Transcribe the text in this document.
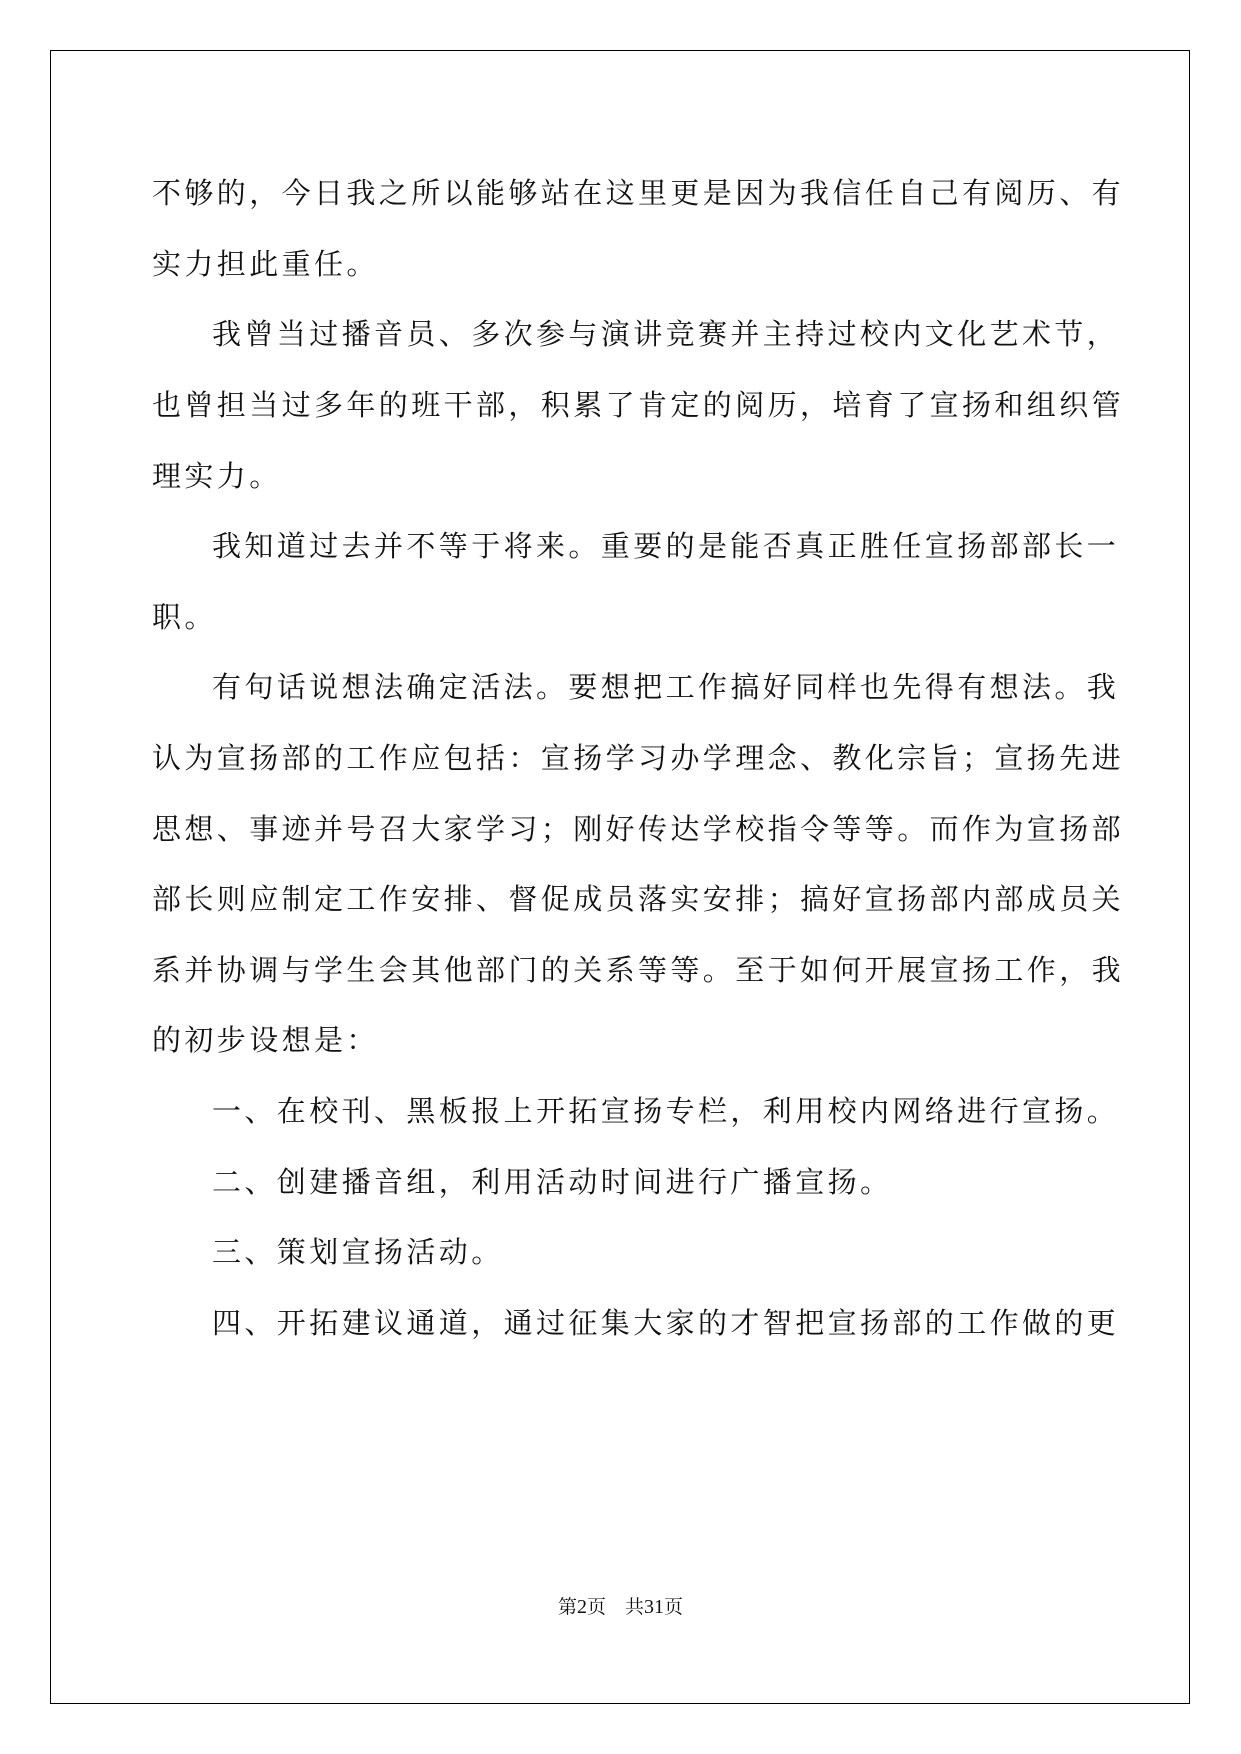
不够的，今日我之所以能够站在这里更是因为我信任自己有阅历、有
实力担此重任。
我曾当过播音员、多次参与演讲竞赛并主持过校内文化艺术节，
也曾担当过多年的班干部，积累了肯定的阅历，培育了宣扬和组织管
理实力。
我知道过去并不等于将来。重要的是能否真正胜任宣扬部部长一
职。
有句话说想法确定活法。要想把工作搞好同样也先得有想法。我
认为宣扬部的工作应包括：宣扬学习办学理念、教化宗旨；宣扬先进
思想、事迹并号召大家学习；刚好传达学校指令等等。而作为宣扬部
部长则应制定工作安排、督促成员落实安排；搞好宣扬部内部成员关
系并协调与学生会其他部门的关系等等。至于如何开展宣扬工作，我
的初步设想是：
一、在校刊、黑板报上开拓宣扬专栏，利用校内网络进行宣扬。
二、创建播音组，利用活动时间进行广播宣扬。
三、策划宣扬活动。
四、开拓建议通道，通过征集大家的才智把宣扬部的工作做的更
第2页　共31页
